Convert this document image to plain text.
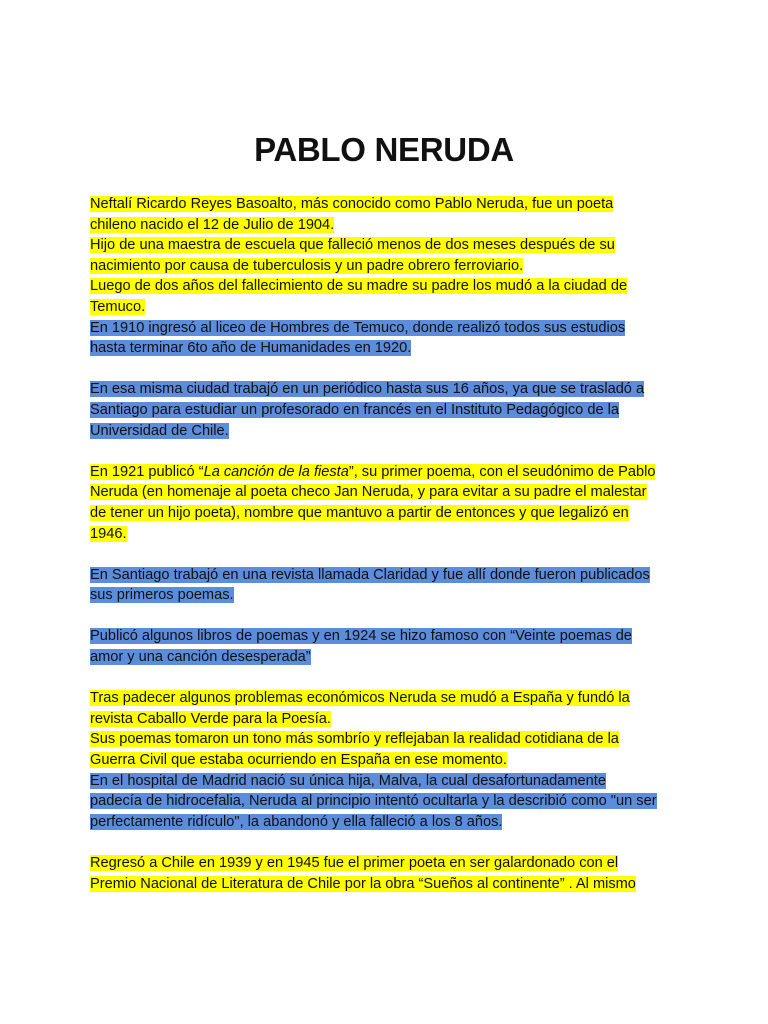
PABLO NERUDA

Neftalí Ricardo Reyes Basoalto, más conocido como Pablo Neruda, fue un poeta
chileno nacido el 12 de Julio de 1904.
Hijo de una maestra de escuela que falleció menos de dos meses después de su
nacimiento por causa de tuberculosis y un padre obrero ferroviario.
Luego de dos años del fallecimiento de su madre su padre los mudó a la ciudad de
Temuco.
En 1910 ingresó al liceo de Hombres de Temuco, donde realizó todos sus estudios
hasta terminar 6to año de Humanidades en 1920.

En esa misma ciudad trabajó en un periódico hasta sus 16 años, ya que se trasladó a
Santiago para estudiar un profesorado en francés en el Instituto Pedagógico de la
Universidad de Chile.

En 1921 publicó “La canción de la fiesta”, su primer poema, con el seudónimo de Pablo
Neruda (en homenaje al poeta checo Jan Neruda, y para evitar a su padre el malestar
de tener un hijo poeta), nombre que mantuvo a partir de entonces y que legalizó en
1946.

En Santiago trabajó en una revista llamada Claridad y fue allí donde fueron publicados
sus primeros poemas.

Publicó algunos libros de poemas y en 1924 se hizo famoso con “Veinte poemas de
amor y una canción desesperada”

Tras padecer algunos problemas económicos Neruda se mudó a España y fundó la
revista Caballo Verde para la Poesía.
Sus poemas tomaron un tono más sombrío y reflejaban la realidad cotidiana de la
Guerra Civil que estaba ocurriendo en España en ese momento.
En el hospital de Madrid nació su única hija, Malva, la cual desafortunadamente
padecía de hidrocefalia, Neruda al principio intentó ocultarla y la describió como "un ser
perfectamente ridículo", la abandonó y ella falleció a los 8 años.

Regresó a Chile en 1939 y en 1945 fue el primer poeta en ser galardonado con el
Premio Nacional de Literatura de Chile por la obra “Sueños al continente” . Al mismo
